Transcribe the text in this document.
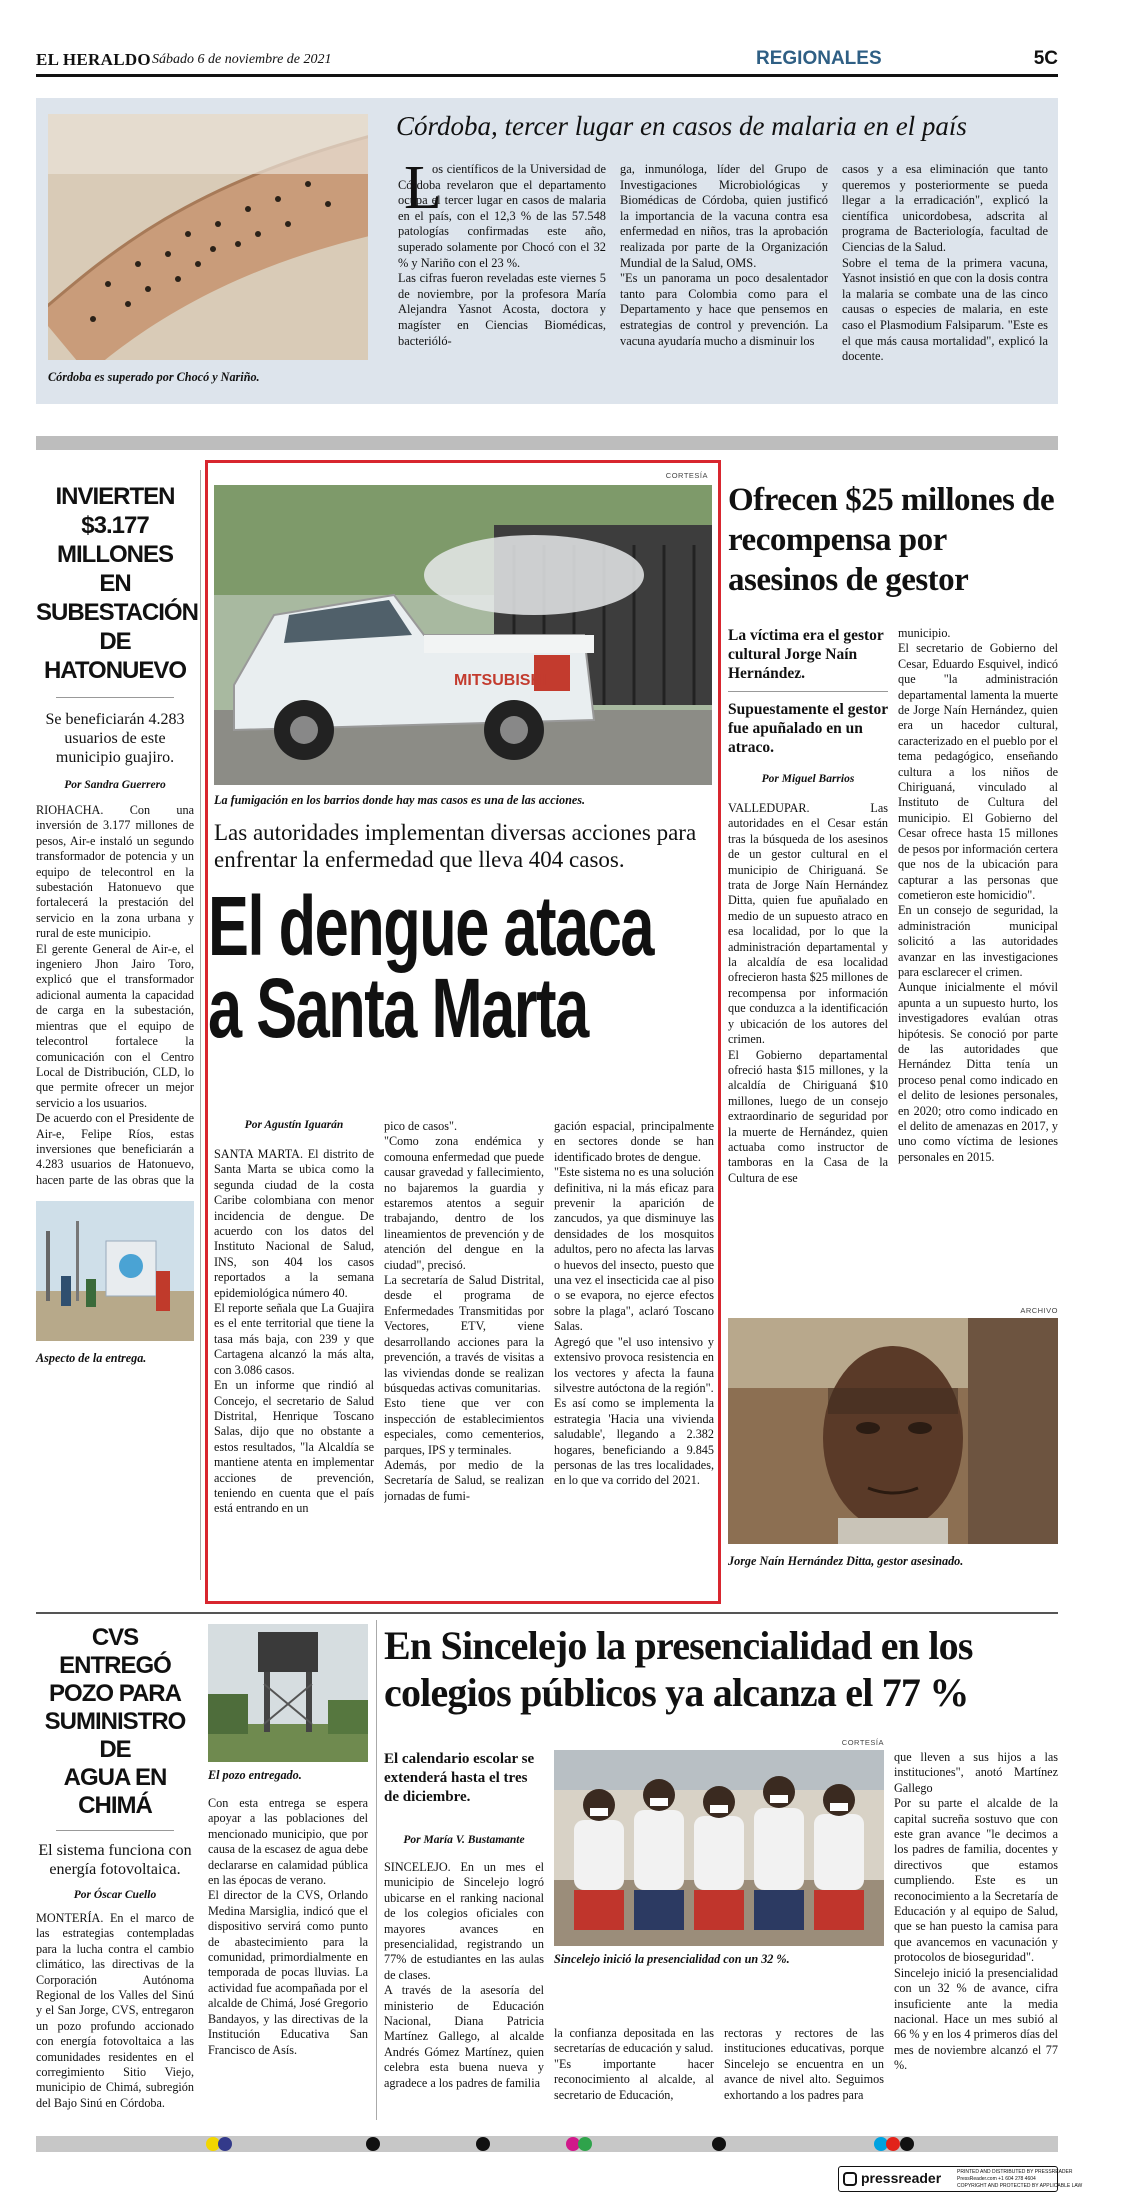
EL HERALDO Sábado 6 de noviembre de 2021	REGIONALES	5C
Córdoba es superado por Chocó y Nariño.
Córdoba, tercer lugar en casos de malaria en el país
L
os científicos de la Universidad de Córdoba revelaron que el departamento ocupa el tercer lugar en casos de malaria en el país, con el 12,3 % de las 57.548 patologías confirmadas este año, superado solamente por Chocó con el 32 % y Nariño con el 23 %.
Las cifras fueron reveladas este viernes 5 de noviembre, por la profesora María Alejandra Yasnot Acosta, doctora y magíster en Ciencias Biomédicas, bacterióló-
ga, inmunóloga, líder del Grupo de Investigaciones Microbiológicas y Biomédicas de Córdoba, quien justificó la importancia de la vacuna contra esa enfermedad en niños, tras la aprobación realizada por parte de la Organización Mundial de la Salud, OMS.
"Es un panorama un poco desalentador tanto para Colombia como para el Departamento y hace que pensemos en estrategias de control y prevención. La vacuna ayudaría mucho a disminuir los
casos y a esa eliminación que tanto queremos y posteriormente se pueda llegar a la erradicación", explicó la científica unicordobesa, adscrita al programa de Bacteriología, facultad de Ciencias de la Salud.
Sobre el tema de la primera vacuna, Yasnot insistió en que con la dosis contra la malaria se combate una de las cinco causas o especies de malaria, en este caso el Plasmodium Falsiparum. "Este es el que más causa mortalidad", explicó la docente.
INVIERTEN
$3.177 MILLONES
EN SUBESTACIÓN
DE HATONUEVO
Se beneficiarán 4.283 usuarios de este municipio guajiro.
Por Sandra Guerrero
RIOHACHA. Con una inversión de 3.177 millones de pesos, Air-e instaló un segundo transformador de potencia y un equipo de telecontrol en la subestación Hatonuevo que fortalecerá la prestación del servicio en la zona urbana y rural de este municipio.
El gerente General de Air-e, el ingeniero Jhon Jairo Toro, explicó que el transformador adicional aumenta la capacidad de carga en la subestación, mientras que el equipo de telecontrol fortalece la comunicación con el Centro Local de Distribución, CLD, lo que permite ofrecer un mejor servicio a los usuarios.
De acuerdo con el Presidente de Air-e, Felipe Ríos, estas inversiones que beneficiarán a 4.283 usuarios de Hatonuevo, hacen parte de las obras que la

Aspecto de la entrega.
CORTESÍA
MITSUBISHI
La fumigación en los barrios donde hay mas casos es una de las acciones.
Las autoridades implementan diversas acciones para enfrentar la enfermedad que lleva 404 casos.
El dengue ataca
a Santa Marta
Por Agustín Iguarán
SANTA MARTA. El distrito de Santa Marta se ubica como la segunda ciudad de la costa Caribe colombiana con menor incidencia de dengue. De acuerdo con los datos del Instituto Nacional de Salud, INS, son 404 los casos reportados a la semana epidemiológica número 40.
El reporte señala que La Guajira es el ente territorial que tiene la tasa más baja, con 239 y que Cartagena alcanzó la más alta, con 3.086 casos.
En un informe que rindió al Concejo, el secretario de Salud Distrital, Henrique Toscano Salas, dijo que no obstante a estos resultados, "la Alcaldía se mantiene atenta en implementar acciones de prevención, teniendo en cuenta que el país está entrando en un
pico de casos".
"Como zona endémica y comouna enfermedad que puede causar gravedad y fallecimiento, no bajaremos la guardia y estaremos atentos a seguir trabajando, dentro de los lineamientos de prevención y de atención del dengue en la ciudad", precisó.
La secretaría de Salud Distrital, desde el programa de Enfermedades Transmitidas por Vectores, ETV, viene desarrollando acciones para la prevención, a través de visitas a las viviendas donde se realizan búsquedas activas comunitarias.
Esto tiene que ver con inspección de establecimientos especiales, como cementerios, parques, IPS y terminales.
Además, por medio de la Secretaría de Salud, se realizan jornadas de fumi-
gación espacial, principalmente en sectores donde se han identificado brotes de dengue.
"Este sistema no es una solución definitiva, ni la más eficaz para prevenir la aparición de zancudos, ya que disminuye las densidades de los mosquitos adultos, pero no afecta las larvas o huevos del insecto, puesto que una vez el insecticida cae al piso o se evapora, no ejerce efectos sobre la plaga", aclaró Toscano Salas.
Agregó que "el uso intensivo y extensivo provoca resistencia en los vectores y afecta la fauna silvestre autóctona de la región".
Es así como se implementa la estrategia 'Hacia una vivienda saludable', llegando a 2.382 hogares, beneficiando a 9.845 personas de las tres localidades, en lo que va corrido del 2021.
Ofrecen $25 millones de recompensa por asesinos de gestor
La víctima era el gestor cultural Jorge Naín Hernández.
Supuestamente el gestor fue apuñalado en un atraco.
Por Miguel Barrios
VALLEDUPAR.	Las autoridades en el Cesar están tras la búsqueda de los asesinos de un gestor cultural en el municipio de Chiriguaná. Se trata de Jorge Naín Hernández Ditta, quien fue apuñalado en medio de un supuesto atraco en esa localidad, por lo que la administración departamental y la alcaldía de esa localidad ofrecieron hasta $25 millones de recompensa por información que conduzca a la identificación y ubicación de los autores del crimen.
El Gobierno departamental ofreció hasta $15 millones, y la alcaldía de Chiriguaná $10 millones, luego de un consejo extraordinario de seguridad por la muerte de Hernández, quien actuaba como instructor de tamboras en la Casa de la Cultura de ese
municipio.
El secretario de Gobierno del Cesar, Eduardo Esquivel, indicó que "la administración departamental lamenta la muerte de Jorge Naín Hernández, quien era un hacedor cultural, caracterizado en el pueblo por el tema pedagógico, enseñando cultura a los niños de Chiriguaná, vinculado al Instituto de Cultura del municipio. El Gobierno del Cesar ofrece hasta 15 millones de pesos por información certera que nos de la ubicación para capturar a las personas que cometieron este homicidio".
En un consejo de seguridad, la administración municipal solicitó a las autoridades avanzar en las investigaciones para esclarecer el crimen.
Aunque inicialmente el móvil apunta a un supuesto hurto, los investigadores evalúan otras hipótesis. Se conoció por parte de las autoridades que Hernández Ditta tenía un proceso penal como indicado en el delito de lesiones personales, en 2020; otro como indicado en el delito de amenazas en 2017, y uno como víctima de lesiones personales en 2015.
ARCHIVO
Jorge Naín Hernández Ditta, gestor asesinado.
CVS ENTREGÓ
POZO PARA
SUMINISTRO DE
AGUA EN CHIMÁ
El sistema funciona con energía fotovoltaica.
Por Óscar Cuello
MONTERÍA. En el marco de las estrategias contempladas para la lucha contra el cambio climático, las directivas de la Corporación Autónoma Regional de los Valles del Sinú y el San Jorge, CVS, entregaron un pozo profundo accionado con energía fotovoltaica a las comunidades residentes en el corregimiento Sitio Viejo, municipio de Chimá, subregión del Bajo Sinú en Córdoba.
El pozo entregado.
Con esta entrega se espera apoyar a las poblaciones del mencionado municipio, que por causa de la escasez de agua debe declararse en calamidad pública en las épocas de verano.
El director de la CVS, Orlando Medina Marsiglia, indicó que el dispositivo servirá como punto de abastecimiento para la comunidad, primordialmente en temporada de pocas lluvias. La actividad fue acompañada por el alcalde de Chimá, José Gregorio Bandayos, y las directivas de la Institución Educativa San Francisco de Asís.
En Sincelejo la presencialidad en los colegios públicos ya alcanza el 77 %
El calendario escolar se extenderá hasta el tres de diciembre.
Por María V. Bustamante
SINCELEJO. En un mes el municipio de Sincelejo logró ubicarse en el ranking nacional de los colegios oficiales con mayores avances en presencialidad, registrando un 77% de estudiantes en las aulas de clases.
A través de la asesoría del ministerio de Educación Nacional, Diana Patricia Martínez Gallego, al alcalde Andrés Gómez Martínez, quien celebra esta buena nueva y agradece a los padres de familia
CORTESÍA
Sincelejo inició la presencialidad con un 32 %.
la confianza depositada en las secretarías de educación y salud.
"Es importante hacer reconocimiento al alcalde, al secretario de Educación,
rectoras y rectores de las instituciones educativas, porque Sincelejo se encuentra en un avance de nivel alto. Seguimos exhortando a los padres para
que lleven a sus hijos a las instituciones", anotó Martínez Gallego
Por su parte el alcalde de la capital sucreña sostuvo que con este gran avance "le decimos a los padres de familia, docentes y directivos que estamos cumpliendo. Este es un reconocimiento a la Secretaría de Educación y al equipo de Salud, que se han puesto la camisa para que avancemos en vacunación y protocolos de bioseguridad".
Sincelejo inició la presencialidad con un 32 % de avance, cifra insuficiente ante la media nacional. Hace un mes subió al 66 % y en los 4 primeros días del mes de noviembre alcanzó el 77 %.
pressreader	PRINTED AND DISTRIBUTED BY PRESSREADER
PressReader.com +1 604 278 4604
COPYRIGHT AND PROTECTED BY APPLICABLE LAW
